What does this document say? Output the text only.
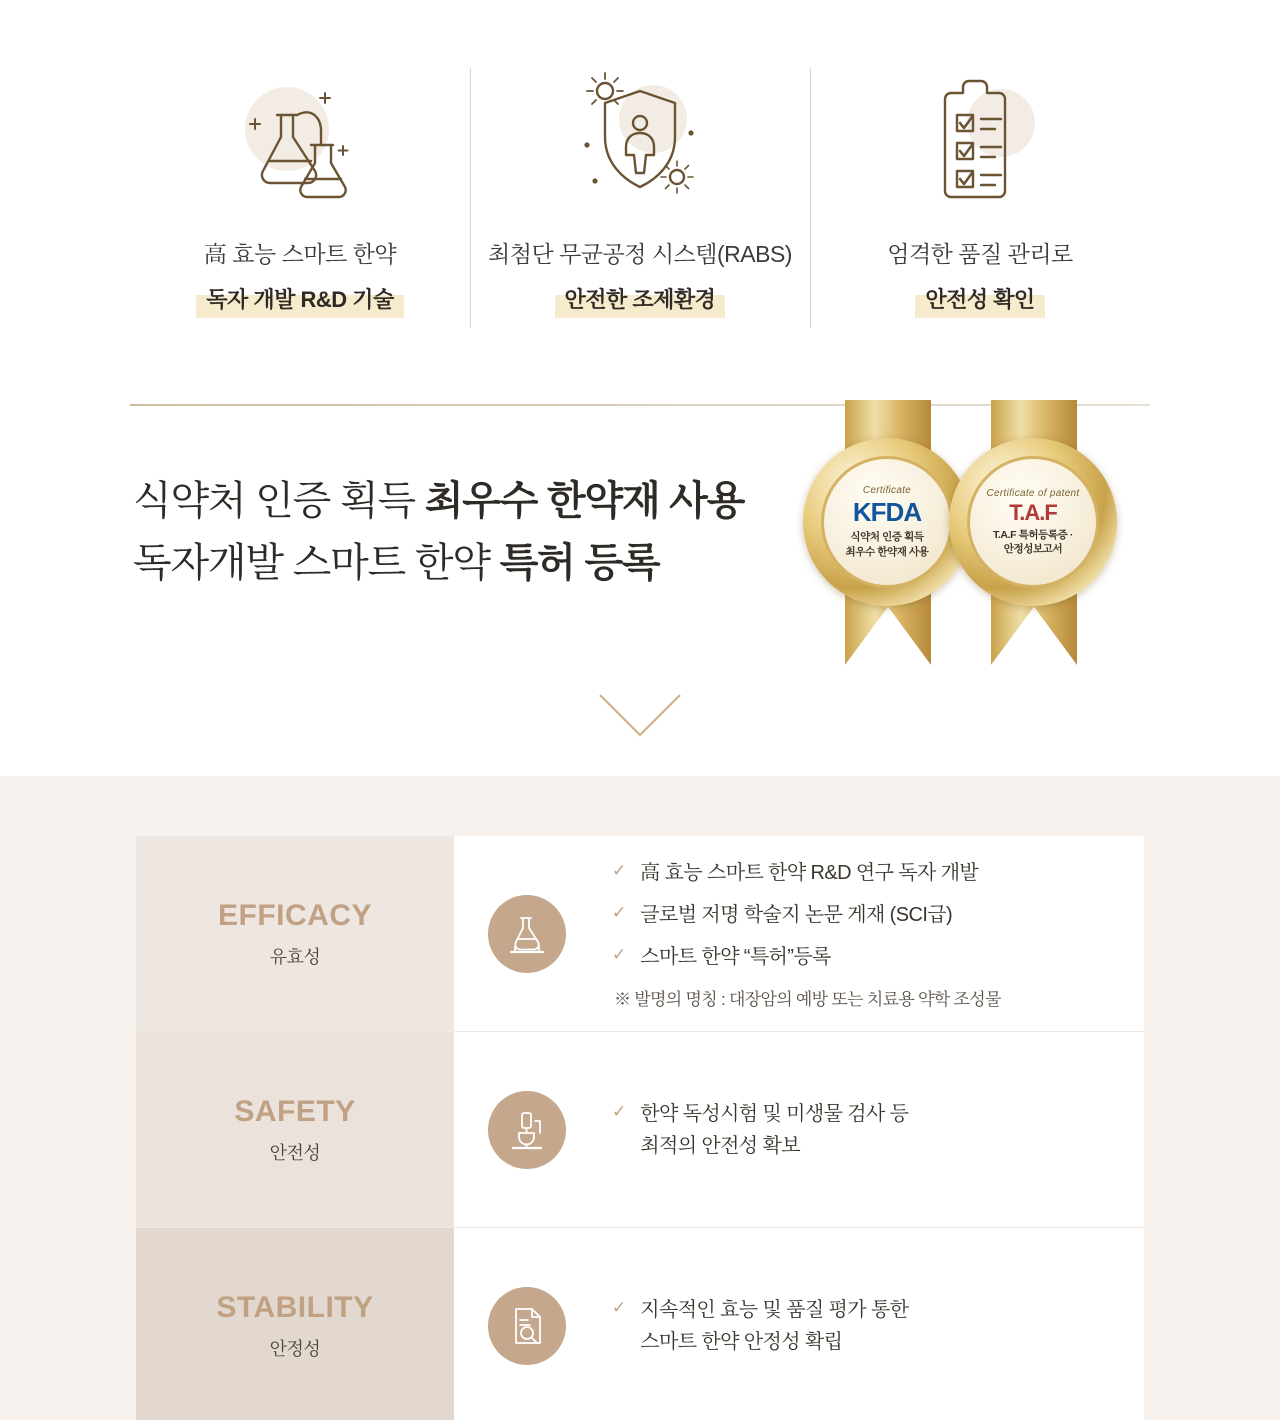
高 효능 스마트 한약
독자 개발 R&D 기술
최첨단 무균공정 시스템(RABS)
안전한 조제환경
엄격한 품질 관리로
안전성 확인
식약처 인증 획득 최우수 한약재 사용
독자개발 스마트 한약 특허 등록
Certificate
KFDA
식약처 인증 획득
최우수 한약재 사용
Certificate of patent
T.A.F
T.A.F 특허등록증 ·
안정성보고서
EFFICACY
유효성
✓ 高 효능 스마트 한약 R&D 연구 독자 개발
✓ 글로벌 저명 학술지 논문 게재 (SCI급)
✓ 스마트 한약 “특허”등록
※ 발명의 명칭 : 대장암의 예방 또는 치료용 약학 조성물
SAFETY
안전성
✓ 한약 독성시험 및 미생물 검사 등
최적의 안전성 확보
STABILITY
안정성
✓ 지속적인 효능 및 품질 평가 통한
스마트 한약 안정성 확립
